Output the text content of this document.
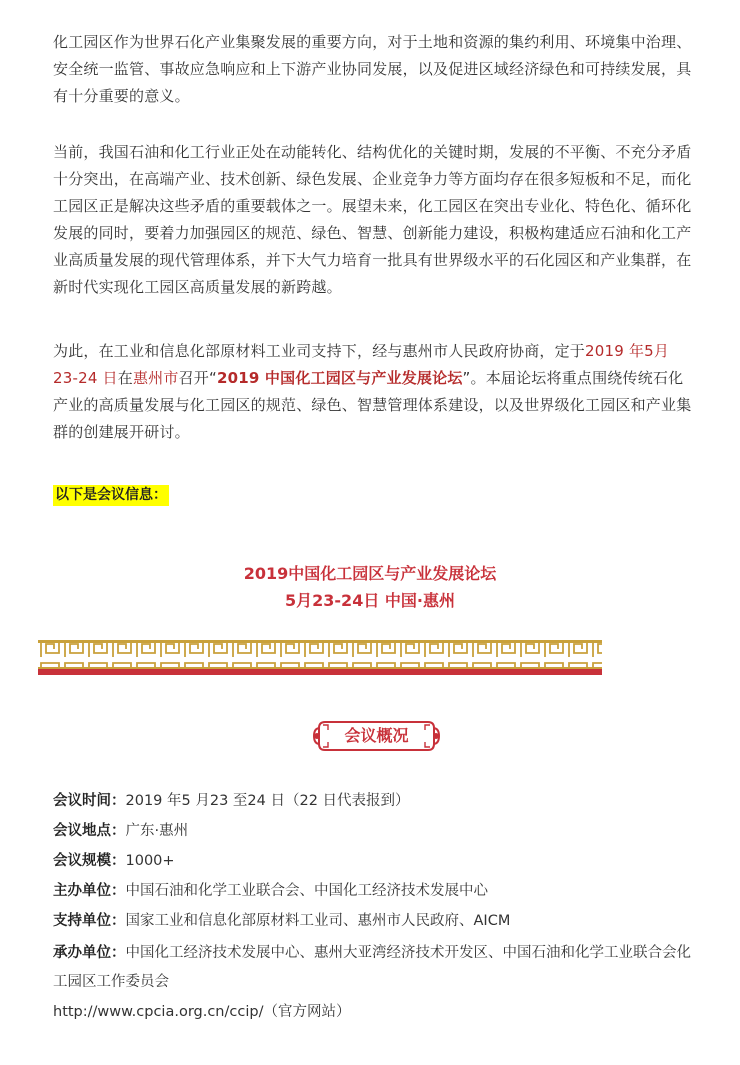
化工园区作为世界石化产业集聚发展的重要方向，对于土地和资源的集约利用、环境集中治理、安全统一监管、事故应急响应和上下游产业协同发展，以及促进区域经济绿色和可持续发展，具有十分重要的意义。

当前，我国石油和化工行业正处在动能转化、结构优化的关键时期，发展的不平衡、不充分矛盾十分突出，在高端产业、技术创新、绿色发展、企业竞争力等方面均存在很多短板和不足，而化工园区正是解决这些矛盾的重要载体之一。展望未来，化工园区在突出专业化、特色化、循环化发展的同时，要着力加强园区的规范、绿色、智慧、创新能力建设，积极构建适应石油和化工产业高质量发展的现代管理体系，并下大气力培育一批具有世界级水平的石化园区和产业集群，在新时代实现化工园区高质量发展的新跨越。

为此，在工业和信息化部原材料工业司支持下，经与惠州市人民政府协商，定于2019 年5月23-24 日在惠州市召开“2019 中国化工园区与产业发展论坛”。本届论坛将重点围绕传统石化产业的高质量发展与化工园区的规范、绿色、智慧管理体系建设，以及世界级化工园区和产业集群的创建展开研讨。

以下是会议信息：
2019中国化工园区与产业发展论坛
5月23-24日 中国·惠州
会议概况
会议时间：2019 年5 月23 至24 日（22 日代表报到）
会议地点：广东·惠州
会议规模：1000+
主办单位：中国石油和化学工业联合会、中国化工经济技术发展中心
支持单位：国家工业和信息化部原材料工业司、惠州市人民政府、AICM
承办单位：中国化工经济技术发展中心、惠州大亚湾经济技术开发区、中国石油和化学工业联合会化工园区工作委员会
http://www.cpcia.org.cn/ccip/（官方网站）
